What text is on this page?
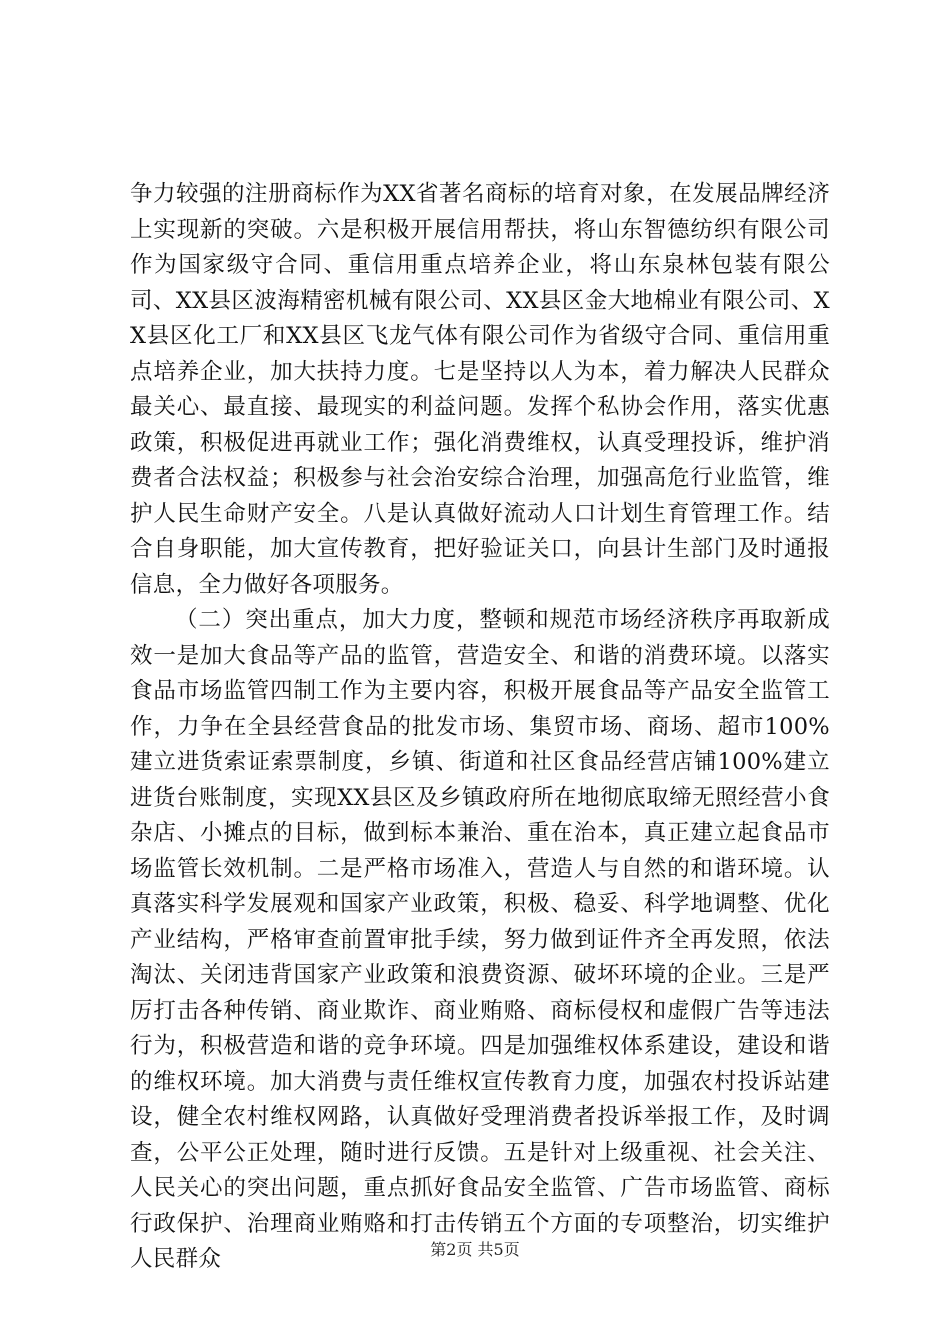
争力较强的注册商标作为XX省著名商标的培育对象，在发展品牌经济上实现新的突破。六是积极开展信用帮扶，将山东智德纺织有限公司作为国家级守合同、重信用重点培养企业，将山东泉林包装有限公司、XX县区波海精密机械有限公司、XX县区金大地棉业有限公司、XX县区化工厂和XX县区飞龙气体有限公司作为省级守合同、重信用重点培养企业，加大扶持力度。七是坚持以人为本，着力解决人民群众最关心、最直接、最现实的利益问题。发挥个私协会作用，落实优惠政策，积极促进再就业工作；强化消费维权，认真受理投诉，维护消费者合法权益；积极参与社会治安综合治理，加强高危行业监管，维护人民生命财产安全。八是认真做好流动人口计划生育管理工作。结合自身职能，加大宣传教育，把好验证关口，向县计生部门及时通报信息，全力做好各项服务。

（二）突出重点，加大力度，整顿和规范市场经济秩序再取新成效一是加大食品等产品的监管，营造安全、和谐的消费环境。以落实食品市场监管四制工作为主要内容，积极开展食品等产品安全监管工作，力争在全县经营食品的批发市场、集贸市场、商场、超市100%建立进货索证索票制度，乡镇、街道和社区食品经营店铺100%建立进货台账制度，实现XX县区及乡镇政府所在地彻底取缔无照经营小食杂店、小摊点的目标，做到标本兼治、重在治本，真正建立起食品市场监管长效机制。二是严格市场准入，营造人与自然的和谐环境。认真落实科学发展观和国家产业政策，积极、稳妥、科学地调整、优化产业结构，严格审查前置审批手续，努力做到证件齐全再发照，依法淘汰、关闭违背国家产业政策和浪费资源、破坏环境的企业。三是严厉打击各种传销、商业欺诈、商业贿赂、商标侵权和虚假广告等违法行为，积极营造和谐的竞争环境。四是加强维权体系建设，建设和谐的维权环境。加大消费与责任维权宣传教育力度，加强农村投诉站建设，健全农村维权网路，认真做好受理消费者投诉举报工作，及时调查，公平公正处理，随时进行反馈。五是针对上级重视、社会关注、人民关心的突出问题，重点抓好食品安全监管、广告市场监管、商标行政保护、治理商业贿赂和打击传销五个方面的专项整治，切实维护人民群众	第2页 共5页
